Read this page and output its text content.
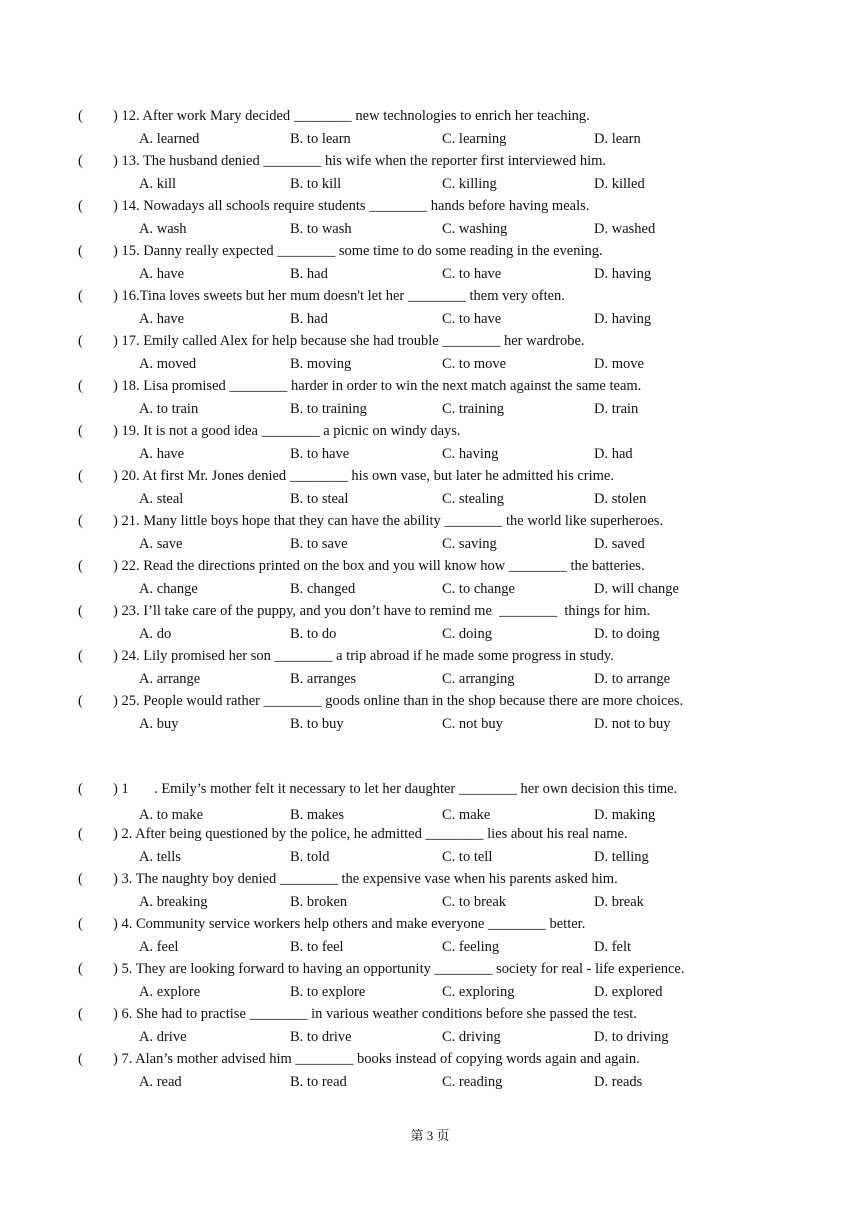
( ) 12. After work Mary decided ________ new technologies to enrich her teaching.
A. learned	B. to learn	C. learning	D. learn
( ) 13. The husband denied ________ his wife when the reporter first interviewed him.
A. kill	B. to kill	C. killing	D. killed
( ) 14. Nowadays all schools require students ________ hands before having meals.
A. wash	B. to wash	C. washing	D. washed
( ) 15. Danny really expected ________ some time to do some reading in the evening.
A. have	B. had	C. to have	D. having
( ) 16.Tina loves sweets but her mum doesn't let her ________ them very often.
A. have	B. had	C. to have	D. having
( ) 17. Emily called Alex for help because she had trouble ________ her wardrobe.
A. moved	B. moving	C. to move	D. move
( ) 18. Lisa promised ________ harder in order to win the next match against the same team.
A. to train	B. to training	C. training	D. train
( ) 19. It is not a good idea ________ a picnic on windy days.
A. have	B. to have	C. having	D. had
( ) 20. At first Mr. Jones denied ________ his own vase, but later he admitted his crime.
A. steal	B. to steal	C. stealing	D. stolen
( ) 21. Many little boys hope that they can have the ability ________ the world like superheroes.
A. save	B. to save	C. saving	D. saved
( ) 22. Read the directions printed on the box and you will know how ________ the batteries.
A. change	B. changed	C. to change	D. will change
( ) 23. I’ll take care of the puppy, and you don’t have to remind me  ________  things for him.
A. do	B. to do	C. doing	D. to doing
( ) 24. Lily promised her son ________ a trip abroad if he made some progress in study.
A. arrange	B. arranges	C. arranging	D. to arrange
( ) 25. People would rather ________ goods online than in the shop because there are more choices.
A. buy	B. to buy	C. not buy	D. not to buy
( ) 1       . Emily’s mother felt it necessary to let her daughter ________ her own decision this time.
A. to make	B. makes	C. make	D. making
( ) 2. After being questioned by the police, he admitted ________ lies about his real name.
A. tells	B. told	C. to tell	D. telling
( ) 3. The naughty boy denied ________ the expensive vase when his parents asked him.
A. breaking	B. broken	C. to break	D. break
( ) 4. Community service workers help others and make everyone ________ better.
A. feel	B. to feel	C. feeling	D. felt
( ) 5. They are looking forward to having an opportunity ________ society for real - life experience.
A. explore	B. to explore	C. exploring	D. explored
( ) 6. She had to practise ________ in various weather conditions before she passed the test.
A. drive	B. to drive	C. driving	D. to driving
( ) 7. Alan’s mother advised him ________ books instead of copying words again and again.
A. read	B. to read	C. reading	D. reads
第 3 页
